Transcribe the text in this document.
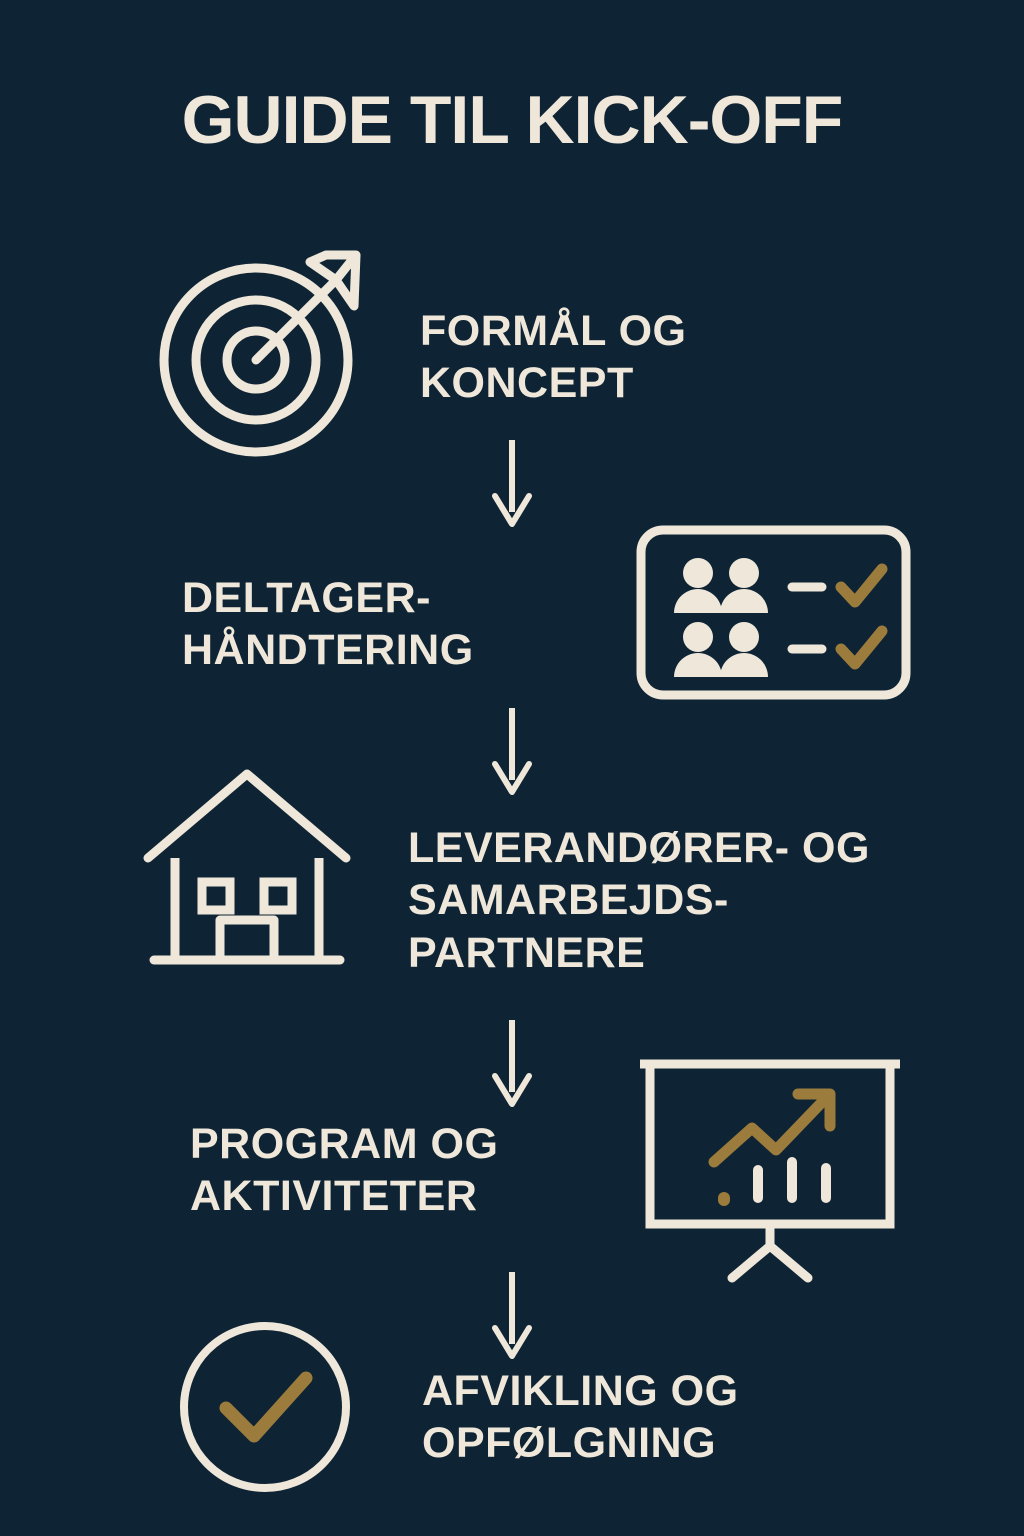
GUIDE TIL KICK-OFF
FORMÅL OG KONCEPT
DELTAGER-HÅNDTERING
LEVERANDØRER- OG SAMARBEJDS-PARTNERE
PROGRAM OG AKTIVITETER
AFVIKLING OG OPFØLGNING
